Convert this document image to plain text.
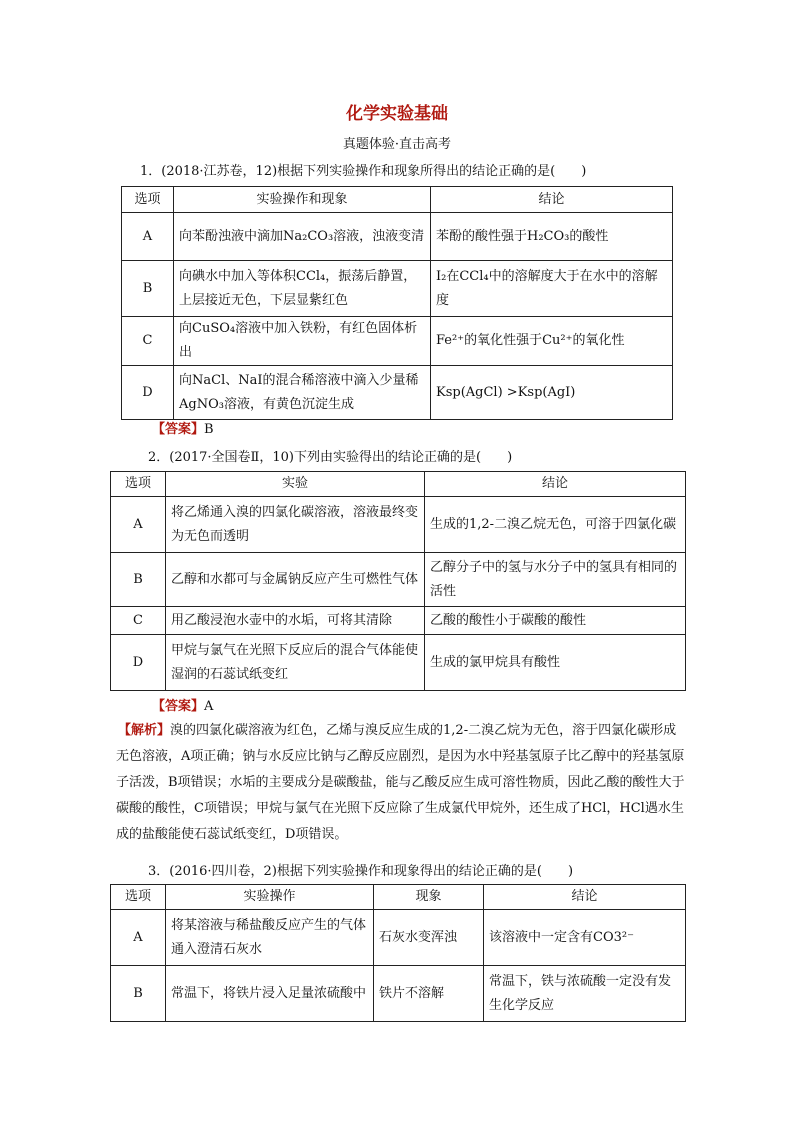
化学实验基础
真题体验·直击高考
1．(2018·江苏卷，12)根据下列实验操作和现象所得出的结论正确的是(　　)
选项	实验操作和现象	结论
A	向苯酚浊液中滴加Na₂CO₃溶液，浊液变清	苯酚的酸性强于H₂CO₃的酸性
B	向碘水中加入等体积CCl₄，振荡后静置，上层接近无色，下层显紫红色	I₂在CCl₄中的溶解度大于在水中的溶解度
C	向CuSO₄溶液中加入铁粉，有红色固体析出	Fe²⁺的氧化性强于Cu²⁺的氧化性
D	向NaCl、NaI的混合稀溶液中滴入少量稀AgNO₃溶液，有黄色沉淀生成	Ksp(AgCl) >Ksp(AgI)
【答案】B
2．(2017·全国卷Ⅱ，10)下列由实验得出的结论正确的是(　　)
选项	实验	结论
A	将乙烯通入溴的四氯化碳溶液，溶液最终变为无色而透明	生成的1,2-二溴乙烷无色，可溶于四氯化碳
B	乙醇和水都可与金属钠反应产生可燃性气体	乙醇分子中的氢与水分子中的氢具有相同的活性
C	用乙酸浸泡水壶中的水垢，可将其清除	乙酸的酸性小于碳酸的酸性
D	甲烷与氯气在光照下反应后的混合气体能使湿润的石蕊试纸变红	生成的氯甲烷具有酸性
【答案】A
【解析】溴的四氯化碳溶液为红色，乙烯与溴反应生成的1,2-二溴乙烷为无色，溶于四氯化碳形成无色溶液，A项正确；钠与水反应比钠与乙醇反应剧烈，是因为水中羟基氢原子比乙醇中的羟基氢原子活泼，B项错误；水垢的主要成分是碳酸盐，能与乙酸反应生成可溶性物质，因此乙酸的酸性大于碳酸的酸性，C项错误；甲烷与氯气在光照下反应除了生成氯代甲烷外，还生成了HCl，HCl遇水生成的盐酸能使石蕊试纸变红，D项错误。
3．(2016·四川卷，2)根据下列实验操作和现象得出的结论正确的是(　　)
选项	实验操作	现象	结论
A	将某溶液与稀盐酸反应产生的气体通入澄清石灰水	石灰水变浑浊	该溶液中一定含有CO3²⁻
B	常温下，将铁片浸入足量浓硫酸中	铁片不溶解	常温下，铁与浓硫酸一定没有发生化学反应
